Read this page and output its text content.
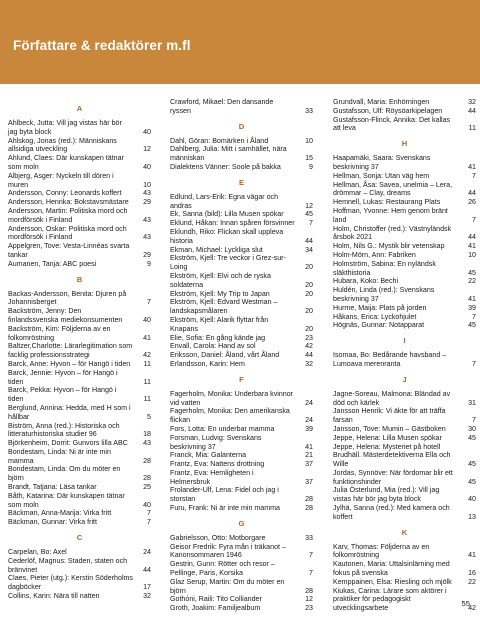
Författare & redaktörer m.fl
A
Ahlbeck, Jutta: Vill jag vistas här bör jag byta block	40
Ahlskog, Jonas (red.): Människans allsidiga utveckling	12
Ahlund, Claes: Där kunskapen tätnar som moln	40
Albjerg, Asger: Nyckeln till dören i muren	10
Andersson, Conny: Leonards koffert	43
Andersson, Henrika: Bokstavsmästare 29
Andersson, Martin: Politiska mord och mordförsök i Finland	43
Andersson, Oskar: Politiska mord och mordförsök i Finland	43
Appelgren, Tove: Vesta-Linnéas svarta tankar	29
Aumanen, Tanja: ABC poesi	9
B
Backas-Andersson, Benita: Djuren på Johannisberget	7
Backström, Jenny: Den finlandssvenska mediekonsumenten	40
Backström, Kim: Följderna av en folkomröstning	41
Baltzer,Charlotte: Lärarlegitimation som facklig professionsstrategi	42
Barck, Anne: Hyvon – för Hangö i tiden 11
Barck, Jennie: Hyvon – för Hangö i tiden	11
Barck, Pekka: Hyvon – för Hangö i tiden	11
Berglund, Annina: Hedda, med H som i hållbar	5
Biström, Anna (red.): Historiska och litteraturhistoriska studier 96	18
Björkenheim, Dorrit: Gunvors lilla ABC 43
Bondestam, Linda: Ni är inte min mamma	28
Bondestam, Linda: Om du möter en björn	28
Brandt, Tatjana: Läsa tankar	25
Båth, Katarina: Där kunskapen tätnar som moln	40
Bäckman, Anna-Marija: Virka fritt	7
Bäckman, Gunnar: Virka fritt	7
C
Carpelan, Bo: Axel	24
Cederlöf, Magnus: Staden, staten och bränvinet	44
Claes, Pieter (utg.): Kerstin Söderholms dagböcker	17
Collins, Karin: Nära till natten	32
Crawford, Mikael: Den dansande ryssen	33
D
Dahl, Göran: Bomärken i Åland	10
Dahlberg, Julia: Mitt i samhället, nära människan	15
Dialektens Vänner: Soole på bakka	9
E
Edlund, Lars-Erik: Egna vägar och andras	12
Ek, Sanna (bild): Lilla Musen spökar	45
Eklund, Håkan: Innan spåren försvinner 7
Eklundh, Riko: Flickan skall uppleva historia	44
Ekman, Michael: Lyckliga slut	34
Ekström, Kjell: Tre veckor i Grez-sur-Loing	20
Ekström, Kjell: Elvi och de ryska soldaterna	20
Ekström, Kjell: My Trip to Japan	20
Ekström, Kjell: Edvard Westman – landskapsmålaren	20
Ekström, Kjell: Alarik flyttar från Knapans	20
Elie, Sofia: En gång kände jag	23
Envall, Carola: Hand av sol	42
Eriksson, Daniel: Åland, vårt Åland	44
Erlandsson, Karin: Hem	32
F
Fagerholm, Monika: Underbara kvinnor vid vatten	24
Fagerholm, Monika: Den amerikanska flickan	24
Fors, Lotta: En underbar mamma	39
Forsman, Ludvig: Svenskans beskrivning 37	41
Franck, Mia: Galanterna	21
Frantz, Eva: Nattens drottning	37
Frantz, Eva: Hemligheten i Helmersbruk	37
Frolander-Ulf, Lena: Fidel och jag i storstan	28
Furu, Frank: Ni är inte min mamma	28
G
Gabrielsson, Otto: Motborgare	33
Geisor Fredrik: Fyra mån i träkanot – Kanonsommaren 1946	7
Gestrin, Gunn: Rötter och resor – Pellinge, Paris, Korsika	7
Glaz Serup, Martin: Om du möter en björn	28
Gothóni, Raili: Tito Colliander	12
Groth, Joakim: Familjealbum	23
Grundvall, Maria: Enhörningen	32
Gustafsson, Ulf: Röysöarkipelagen	44
Gustafsson-Flinck, Annika: Det kallas att leva	11
H
Haapamäki, Saara: Svenskans beskrivning 37	41
Hellman, Sonja: Utan väg hem	7
Hellman, Åsa: Savea, unelmia – Lera, drömmar – Clay, dreams	44
Hemnell, Lukas: Restaurang Plats	26
Hoffman, Yvonne: Hem genom bränt land	7
Holm, Christoffer (red.): Västnyländsk årsbok 2021	44
Holm, Nils G.: Mystik blir vetenskap	41
Holm-Mörn, Ann: Fabriken	10
Holmström, Sabina: En nyländsk släkthistoria	45
Hubara, Koko: Bechi	22
Huldén, Linda (red.): Svenskans beskrivning 37	41
Hurme, Maija: Plats på jorden	39
Håkans, Erica: Lyckohjulet	7
Högnäs, Gunnar: Notapparat	45
I
Isomaa, Bo: Bedårande havsband – Lumoava merenranta	7
J
Jagne-Soreau, Malmona: Bländad av död och kärlek	31
Jansson Henrik: Vi äkte för att träffa farsan	7
Jansson, Tove: Mumin – Gästboken	30
Jeppe, Helena: Lilla Musen spökar	45
Jeppe, Helena: Mysteriet på hotell Brudhäll. Mästerdetektiverna Ella och Wille	45
Jordas, Synnöve: När fördomar blir ett funktionshinder	45
Julia Österlund, Mia (red.): Vill jag vistas här bör jag byta block	40
Jylhä, Sanna (red.): Med kamera och koffert	13
K
Karv, Thomas: Följderna av en folkomröstning	41
Kautonen, Maria: Uttalsinlärning med fokus på svenska	16
Kemppainen, Elsa: Riesling och mjölk 22
Kiukas, Carina: Lärare som aktörer i praktiker för pedagogiskt utvecklingsarbete	42
55
